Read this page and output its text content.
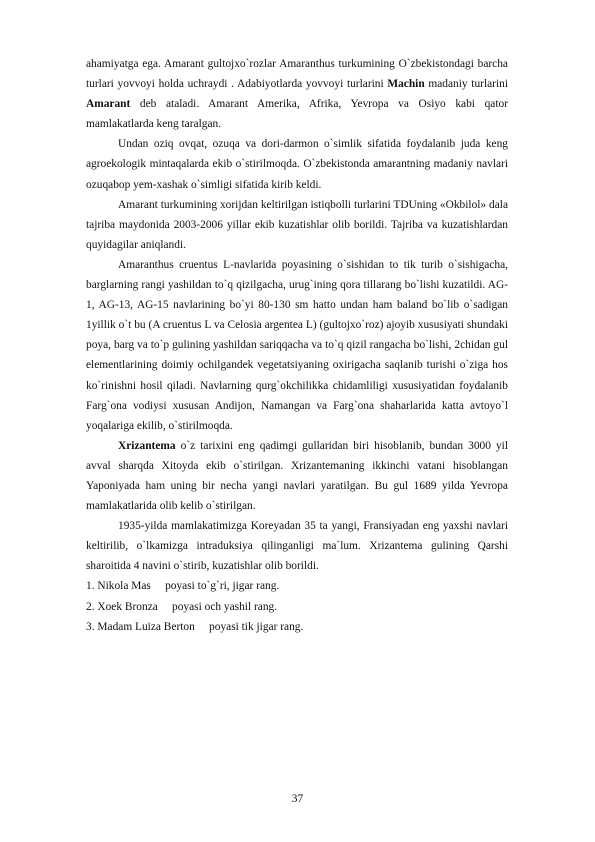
ahamiyatga ega. Amarant gultojxo`rozlar Amaranthus turkumining O`zbekistondagi barcha turlari yovvoyi holda uchraydi . Adabiyotlarda yovvoyi turlarini Machin madaniy turlarini Amarant deb ataladi. Amarant Amerika, Afrika, Yevropa va Osiyo kabi qator mamlakatlarda keng taralgan.

Undan oziq ovqat, ozuqa va dori-darmon o`simlik sifatida foydalanib juda keng agroekologik mintaqalarda ekib o`stirilmoqda. O`zbekistonda amarantning madaniy navlari ozuqabop yem-xashak o`simligi sifatida kirib keldi.

Amarant turkumining xorijdan keltirilgan istiqbolli turlarini TDUning «Okbilol» dala tajriba maydonida 2003-2006 yillar ekib kuzatishlar olib borildi. Tajriba va kuzatishlardan quyidagilar aniqlandi.

Amaranthus cruentus L-navlarida poyasining o`sishidan to tik turib o`sishigacha, barglarning rangi yashildan to`q qizilgacha, urug`ining qora tillarang bo`lishi kuzatildi. AG-1, AG-13, AG-15 navlarining bo`yi 80-130 sm hatto undan ham baland bo`lib o`sadigan 1yillik o`t bu (A cruentus L va Celosia argentea L) (gultojxo`roz) ajoyib xususiyati shundaki poya, barg va to`p gulining yashildan sariqqacha va to`q qizil rangacha bo`lishi, 2chidan gul elementlarining doimiy ochilgandek vegetatsiyaning oxirigacha saqlanib turishi o`ziga hos ko`rinishni hosil qiladi. Navlarning qurg`okchilikka chidamliligi xususiyatidan foydalanib Farg`ona vodiysi xususan Andijon, Namangan va Farg`ona shaharlarida katta avtoyo`l yoqalariga ekilib, o`stirilmoqda.

Xrizantema o`z tarixini eng qadimgi gullaridan biri hisoblanib, bundan 3000 yil avval sharqda Xitoyda ekib o`stirilgan. Xrizantemaning ikkinchi vatani hisoblangan Yaponiyada ham uning bir necha yangi navlari yaratilgan. Bu gul 1689 yilda Yevropa mamlakatlarida olib kelib o`stirilgan.

1935-yilda mamlakatimizga Koreyadan 35 ta yangi, Fransiyadan eng yaxshi navlari keltirilib, o`lkamizga intraduksiya qilinganligi ma`lum. Xrizantema gulining Qarshi sharoitida 4 navini o`stirib, kuzatishlar olib borildi.

1. Nikola Mas     poyasi to`g`ri, jigar rang.

2. Xoek Bronza     poyasi och yashil rang.

3. Madam Luiza Berton     poyasi tik jigar rang.

37
